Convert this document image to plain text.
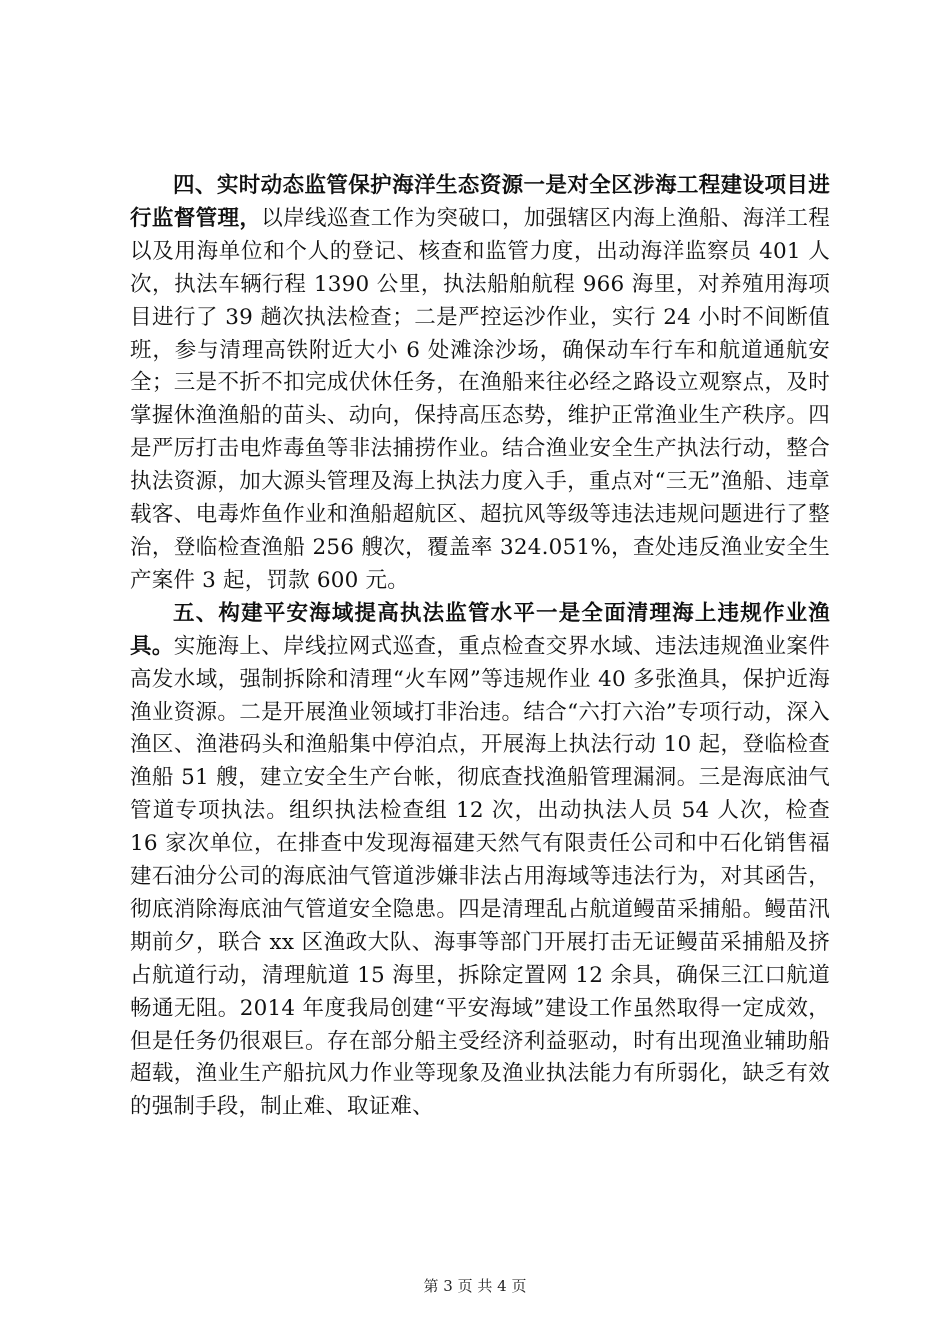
四、实时动态监管保护海洋生态资源一是对全区涉海工程建设项目进行监督管理，以岸线巡查工作为突破口，加强辖区内海上渔船、海洋工程以及用海单位和个人的登记、核查和监管力度，出动海洋监察员 401 人次，执法车辆行程 1390 公里，执法船舶航程 966 海里，对养殖用海项目进行了 39 趟次执法检查；二是严控运沙作业，实行 24 小时不间断值班，参与清理高铁附近大小 6 处滩涂沙场，确保动车行车和航道通航安全；三是不折不扣完成伏休任务，在渔船来往必经之路设立观察点，及时掌握休渔渔船的苗头、动向，保持高压态势，维护正常渔业生产秩序。四是严厉打击电炸毒鱼等非法捕捞作业。结合渔业安全生产执法行动，整合执法资源，加大源头管理及海上执法力度入手，重点对“三无”渔船、违章载客、电毒炸鱼作业和渔船超航区、超抗风等级等违法违规问题进行了整治，登临检查渔船 256 艘次，覆盖率 324.051%，查处违反渔业安全生产案件 3 起，罚款 600 元。

五、构建平安海域提高执法监管水平一是全面清理海上违规作业渔具。实施海上、岸线拉网式巡查，重点检查交界水域、违法违规渔业案件高发水域，强制拆除和清理“火车网”等违规作业 40 多张渔具，保护近海渔业资源。二是开展渔业领域打非治违。结合“六打六治”专项行动，深入渔区、渔港码头和渔船集中停泊点，开展海上执法行动 10 起，登临检查渔船 51 艘，建立安全生产台帐，彻底查找渔船管理漏洞。三是海底油气管道专项执法。组织执法检查组 12 次，出动执法人员 54 人次，检查 16 家次单位，在排查中发现海福建天然气有限责任公司和中石化销售福建石油分公司的海底油气管道涉嫌非法占用海域等违法行为，对其函告，彻底消除海底油气管道安全隐患。四是清理乱占航道鳗苗采捕船。鳗苗汛期前夕，联合 xx 区渔政大队、海事等部门开展打击无证鳗苗采捕船及挤占航道行动，清理航道 15 海里，拆除定置网 12 余具，确保三江口航道畅通无阻。2014 年度我局创建“平安海域”建设工作虽然取得一定成效，但是任务仍很艰巨。存在部分船主受经济利益驱动，时有出现渔业辅助船超载，渔业生产船抗风力作业等现象及渔业执法能力有所弱化，缺乏有效的强制手段，制止难、取证难、

第 3 页 共 4 页
